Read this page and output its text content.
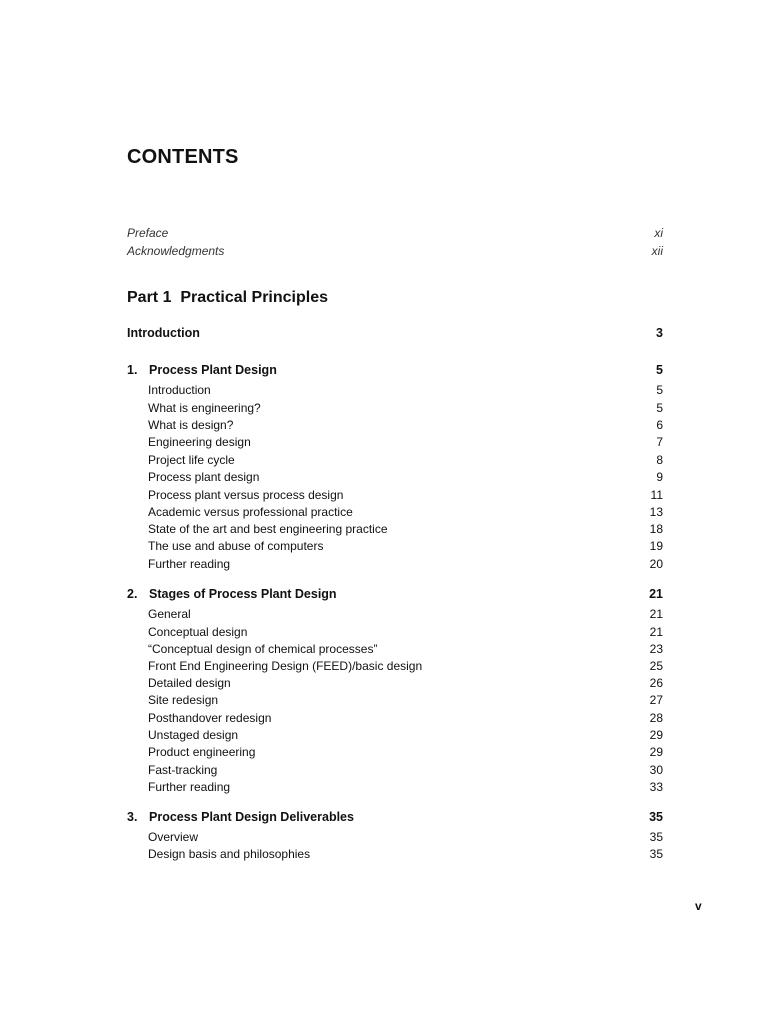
CONTENTS
Preface	xi
Acknowledgments	xii
Part 1 Practical Principles
Introduction	3
1. Process Plant Design	5
Introduction	5
What is engineering?	5
What is design?	6
Engineering design	7
Project life cycle	8
Process plant design	9
Process plant versus process design	11
Academic versus professional practice	13
State of the art and best engineering practice	18
The use and abuse of computers	19
Further reading	20
2. Stages of Process Plant Design	21
General	21
Conceptual design	21
“Conceptual design of chemical processes”	23
Front End Engineering Design (FEED)/basic design	25
Detailed design	26
Site redesign	27
Posthandover redesign	28
Unstaged design	29
Product engineering	29
Fast-tracking	30
Further reading	33
3. Process Plant Design Deliverables	35
Overview	35
Design basis and philosophies	35
v
